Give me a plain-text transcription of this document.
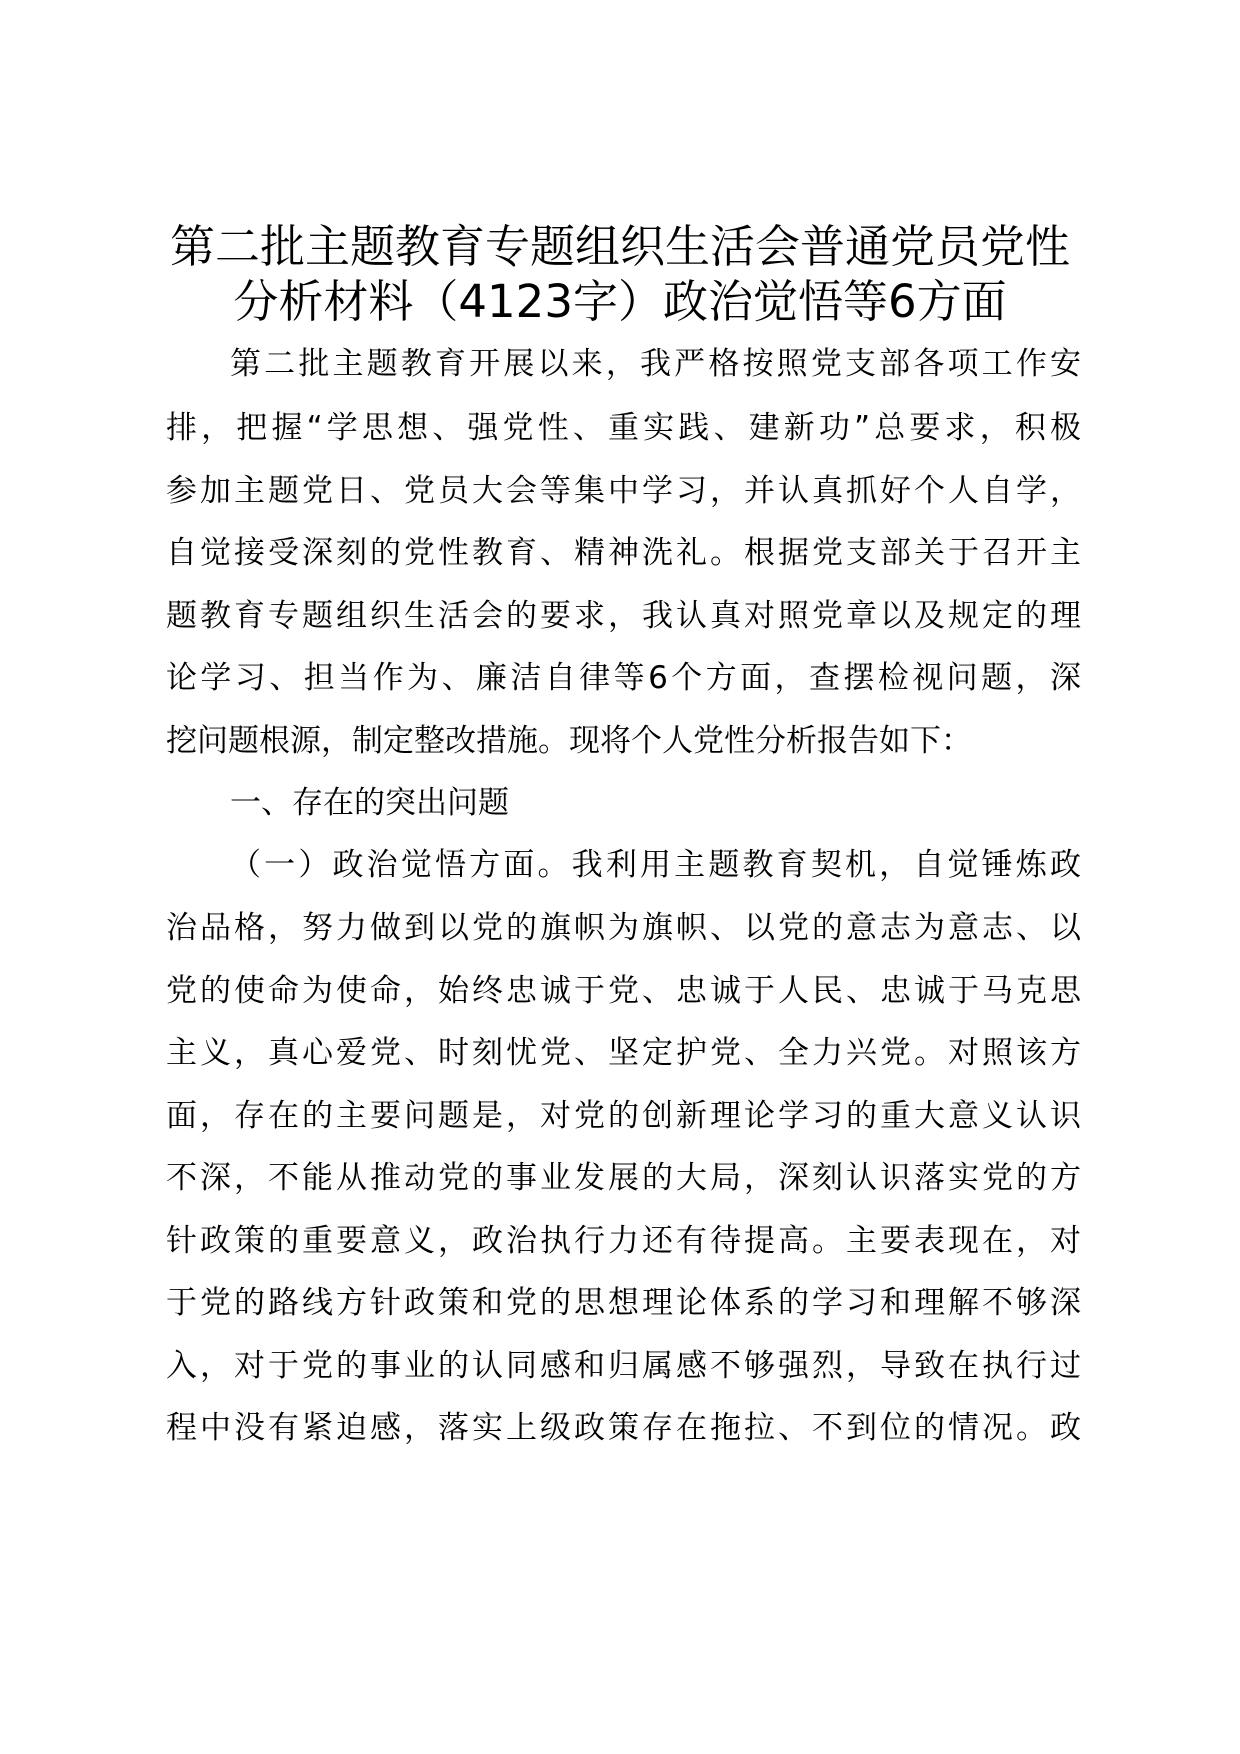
第二批主题教育专题组织生活会普通党员党性
分析材料（4123字）政治觉悟等6方面
第二批主题教育开展以来，我严格按照党支部各项工作安
排，把握“学思想、强党性、重实践、建新功”总要求，积极
参加主题党日、党员大会等集中学习，并认真抓好个人自学，
自觉接受深刻的党性教育、精神洗礼。根据党支部关于召开主
题教育专题组织生活会的要求，我认真对照党章以及规定的理
论学习、担当作为、廉洁自律等6个方面，查摆检视问题，深
挖问题根源，制定整改措施。现将个人党性分析报告如下：
一、存在的突出问题
（一）政治觉悟方面。我利用主题教育契机，自觉锤炼政
治品格，努力做到以党的旗帜为旗帜、以党的意志为意志、以
党的使命为使命，始终忠诚于党、忠诚于人民、忠诚于马克思
主义，真心爱党、时刻忧党、坚定护党、全力兴党。对照该方
面，存在的主要问题是，对党的创新理论学习的重大意义认识
不深，不能从推动党的事业发展的大局，深刻认识落实党的方
针政策的重要意义，政治执行力还有待提高。主要表现在，对
于党的路线方针政策和党的思想理论体系的学习和理解不够深
入，对于党的事业的认同感和归属感不够强烈，导致在执行过
程中没有紧迫感，落实上级政策存在拖拉、不到位的情况。政
